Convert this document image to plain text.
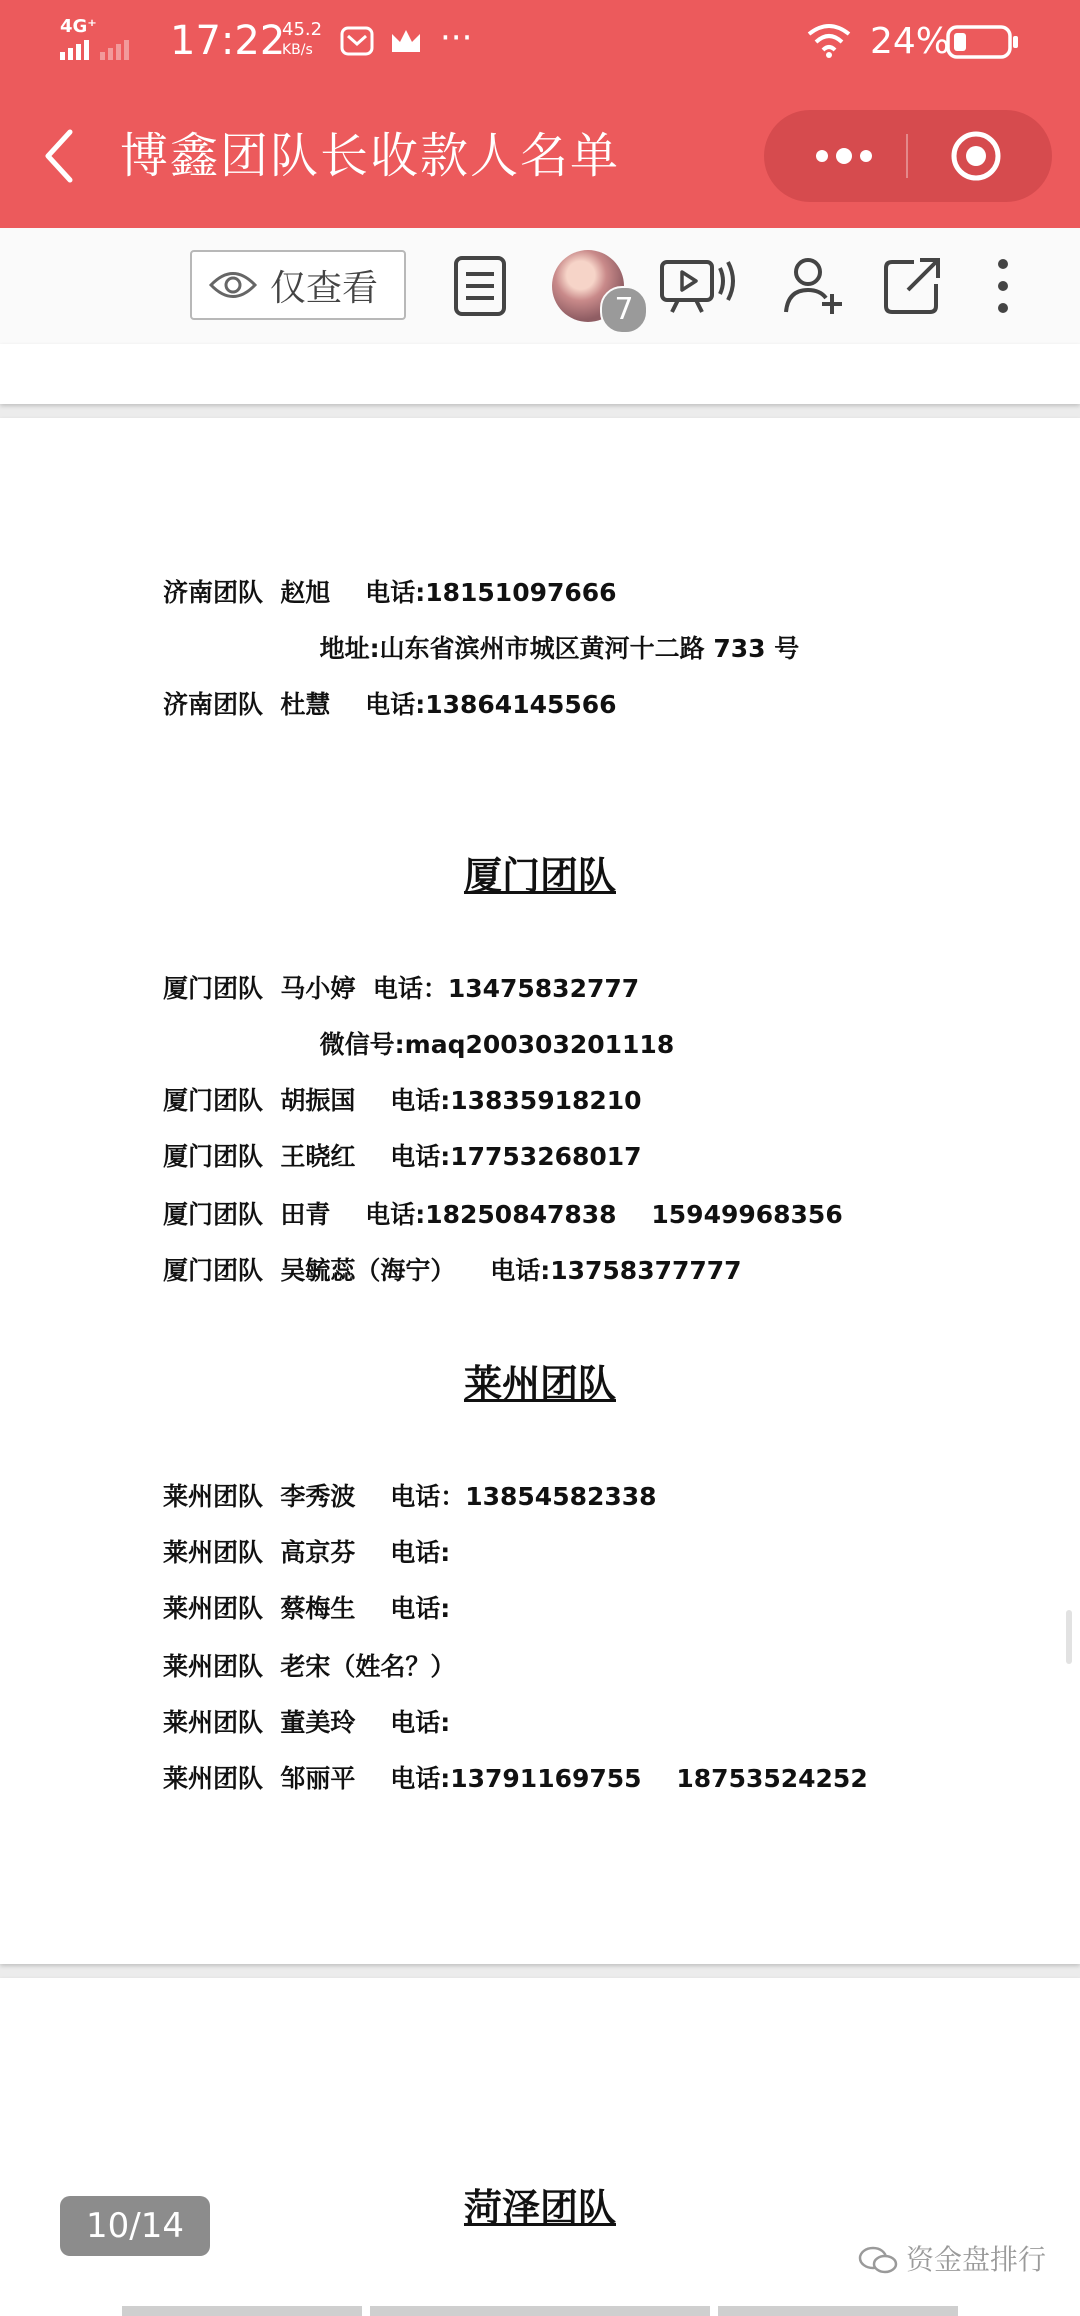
4G⁺ 17:22
45.2
KB/s	···	24%
博鑫团队长收款人名单
仅查看
7
济南团队  赵旭    电话:18151097666
地址:山东省滨州市城区黄河十二路 733 号
济南团队  杜慧    电话:13864145566
厦门团队
厦门团队  马小婷  电话：13475832777
微信号:maq200303201118
厦门团队  胡振国    电话:13835918210
厦门团队  王晓红    电话:17753268017
厦门团队  田青    电话:18250847838    15949968356
厦门团队  吴毓蕊（海宁）    电话:13758377777
莱州团队
莱州团队  李秀波    电话：13854582338
莱州团队  高京芬    电话:
莱州团队  蔡梅生    电话:
莱州团队  老宋（姓名？）
莱州团队  董美玲    电话:
莱州团队  邹丽平    电话:13791169755    18753524252
菏泽团队
10/14
资金盘排行
